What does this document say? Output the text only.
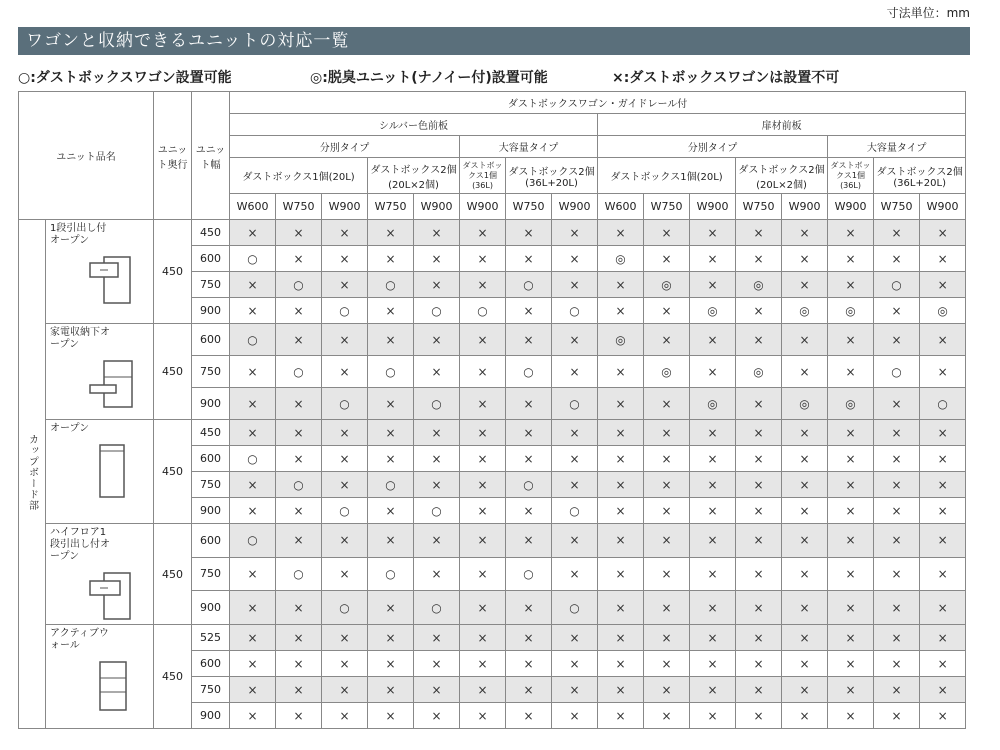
寸法単位：mm
ワゴンと収納できるユニットの対応一覧
○:ダストボックスワゴン設置可能	◎:脱臭ユニット(ナノイー付)設置可能	×:ダストボックスワゴンは設置不可
ユニット品名		ユニット奥行	ユニット幅	ダストボックスワゴン・ガイドレール付															
				シルバー色前板								扉材前板							
				分別タイプ					大容量タイプ			分別タイプ					大容量タイプ		
				ダストボックス1個(20L)			ダストボックス2個(20L×2個)		ダストボックス1個(36L)	ダストボックス2個(36L+20L)		ダストボックス1個(20L)			ダストボックス2個(20L×2個)		ダストボックス1個(36L)	ダストボックス2個(36L+20L)	
				W600	W750	W900	W750	W900	W900	W750	W900	W600	W750	W900	W750	W900	W900	W750	W900
カップボード部	1段引出し付オープン	450	450	×	×	×	×	×	×	×	×	×	×	×	×	×	×	×	×
			600	○	×	×	×	×	×	×	×	◎	×	×	×	×	×	×	×
			750	×	○	×	○	×	×	○	×	×	◎	×	◎	×	×	○	×
			900	×	×	○	×	○	○	×	○	×	×	◎	×	◎	◎	×	◎

	家電収納下オープン	450	600	○	×	×	×	×	×	×	×	◎	×	×	×	×	×	×	×
			750	×	○	×	○	×	×	○	×	×	◎	×	◎	×	×	○	×
			900	×	×	○	×	○	×	×	○	×	×	◎	×	◎	◎	×	○

	オープン	450	450	×	×	×	×	×	×	×	×	×	×	×	×	×	×	×	×
			600	○	×	×	×	×	×	×	×	×	×	×	×	×	×	×	×
			750	×	○	×	○	×	×	○	×	×	×	×	×	×	×	×	×
			900	×	×	○	×	○	×	×	○	×	×	×	×	×	×	×	×

	ハイフロア1段引出し付オープン	450	600	○	×	×	×	×	×	×	×	×	×	×	×	×	×	×	×
			750	×	○	×	○	×	×	○	×	×	×	×	×	×	×	×	×
			900	×	×	○	×	○	×	×	○	×	×	×	×	×	×	×	×

	アクティブウォール	450	525	×	×	×	×	×	×	×	×	×	×	×	×	×	×	×	×
			600	×	×	×	×	×	×	×	×	×	×	×	×	×	×	×	×
			750	×	×	×	×	×	×	×	×	×	×	×	×	×	×	×	×
			900	×	×	×	×	×	×	×	×	×	×	×	×	×	×	×	×
